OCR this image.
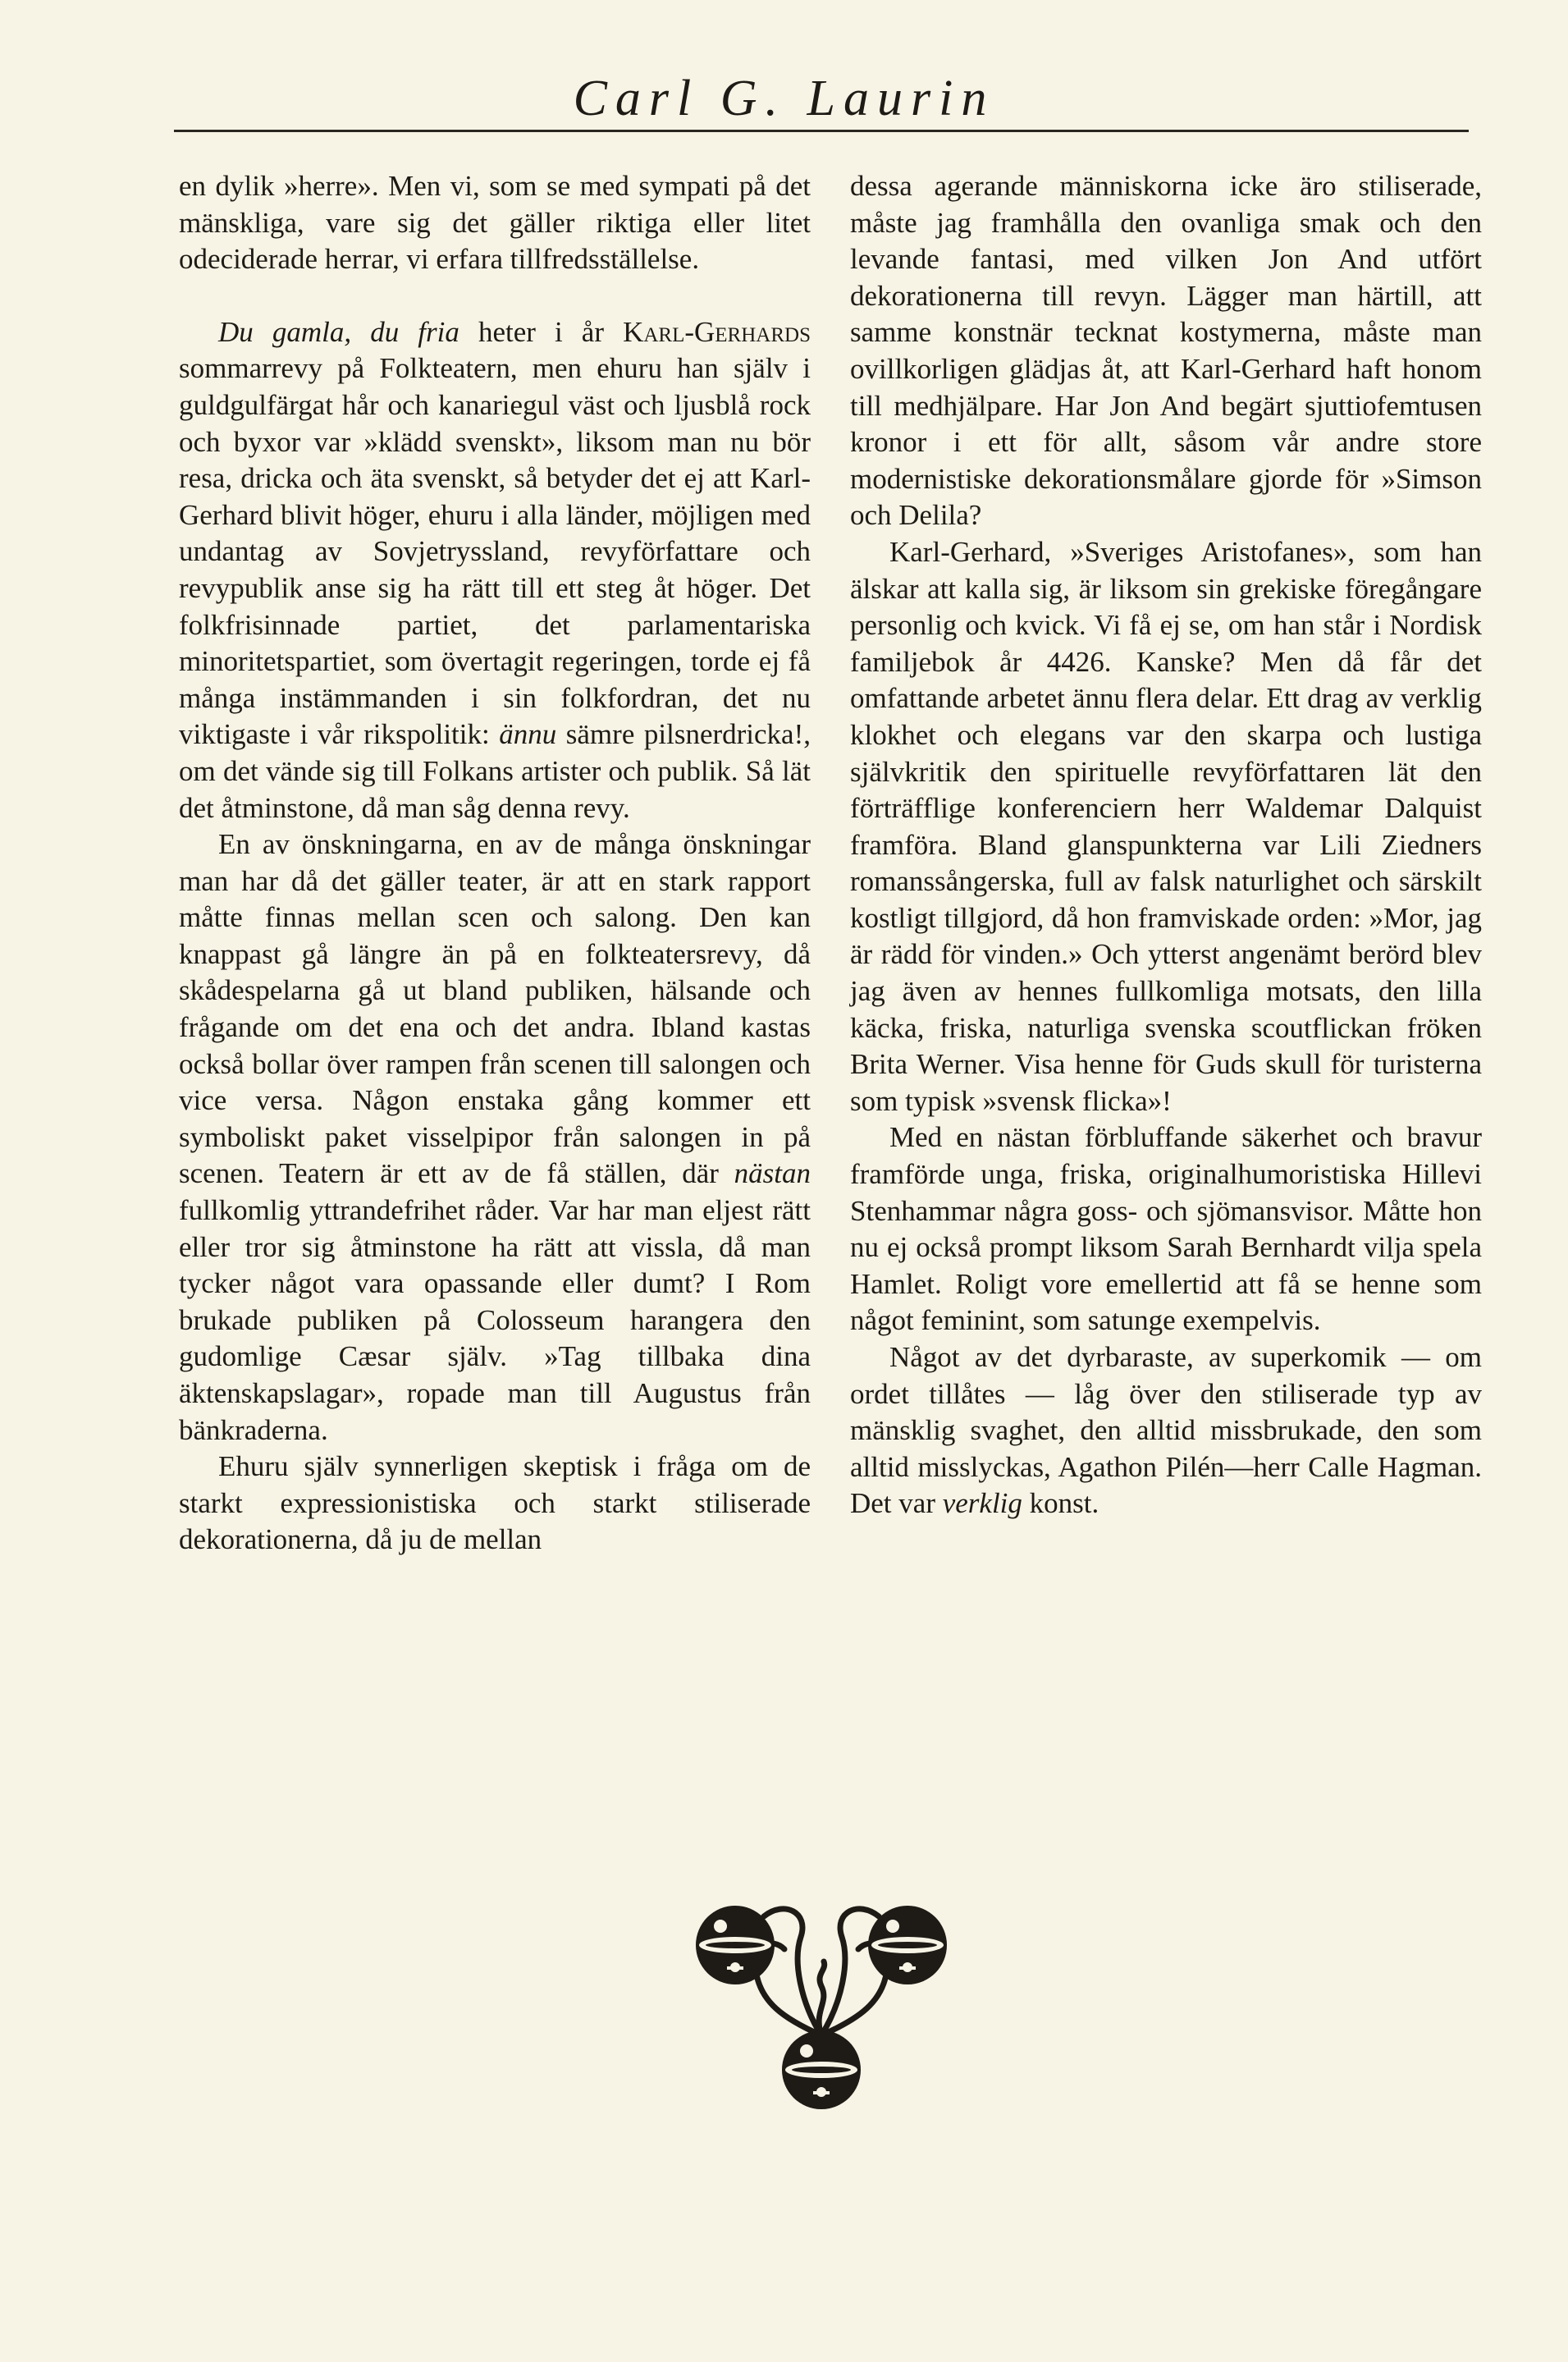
Carl G. Laurin

en dylik »herre». Men vi, som se med sympati på det mänskliga, vare sig det gäller riktiga eller litet odeciderade herrar, vi erfara tillfredsställelse.

Du gamla, du fria heter i år Karl-Gerhards sommarrevy på Folkteatern, men ehuru han själv i guldgulfärgat hår och kanariegul väst och ljusblå rock och byxor var »klädd svenskt», liksom man nu bör resa, dricka och äta svenskt, så betyder det ej att Karl-Gerhard blivit höger, ehuru i alla länder, möjligen med undantag av Sovjetryssland, revyförfattare och revypublik anse sig ha rätt till ett steg åt höger. Det folkfrisinnade partiet, det parlamentariska minoritetspartiet, som övertagit regeringen, torde ej få många instämmanden i sin folkfordran, det nu viktigaste i vår rikspolitik: ännu sämre pilsnerdricka!, om det vände sig till Folkans artister och publik. Så lät det åtminstone, då man såg denna revy.

En av önskningarna, en av de många önskningar man har då det gäller teater, är att en stark rapport måtte finnas mellan scen och salong. Den kan knappast gå längre än på en folkteatersrevy, då skådespelarna gå ut bland publiken, hälsande och frågande om det ena och det andra. Ibland kastas också bollar över rampen från scenen till salongen och vice versa. Någon enstaka gång kommer ett symboliskt paket visselpipor från salongen in på scenen. Teatern är ett av de få ställen, där nästan fullkomlig yttrandefrihet råder. Var har man eljest rätt eller tror sig åtminstone ha rätt att vissla, då man tycker något vara opassande eller dumt? I Rom brukade publiken på Colosseum harangera den gudomlige Cæsar själv. »Tag tillbaka dina äktenskapslagar», ropade man till Augustus från bänkraderna.

Ehuru själv synnerligen skeptisk i fråga om de starkt expressionistiska och starkt stiliserade dekorationerna, då ju de mellan

dessa agerande människorna icke äro stiliserade, måste jag framhålla den ovanliga smak och den levande fantasi, med vilken Jon And utfört dekorationerna till revyn. Lägger man härtill, att samme konstnär tecknat kostymerna, måste man ovillkorligen glädjas åt, att Karl-Gerhard haft honom till medhjälpare. Har Jon And begärt sjuttiofemtusen kronor i ett för allt, såsom vår andre store modernistiske dekorationsmålare gjorde för »Simson och Delila?

Karl-Gerhard, »Sveriges Aristofanes», som han älskar att kalla sig, är liksom sin grekiske föregångare personlig och kvick. Vi få ej se, om han står i Nordisk familjebok år 4426. Kanske? Men då får det omfattande arbetet ännu flera delar. Ett drag av verklig klokhet och elegans var den skarpa och lustiga självkritik den spirituelle revyförfattaren lät den förträfflige konferenciern herr Waldemar Dalquist framföra. Bland glanspunkterna var Lili Ziedners romanssångerska, full av falsk naturlighet och särskilt kostligt tillgjord, då hon framviskade orden: »Mor, jag är rädd för vinden.» Och ytterst angenämt berörd blev jag även av hennes fullkomliga motsats, den lilla käcka, friska, naturliga svenska scoutflickan fröken Brita Werner. Visa henne för Guds skull för turisterna som typisk »svensk flicka»!

Med en nästan förbluffande säkerhet och bravur framförde unga, friska, originalhumoristiska Hillevi Stenhammar några goss- och sjömansvisor. Måtte hon nu ej också prompt liksom Sarah Bernhardt vilja spela Hamlet. Roligt vore emellertid att få se henne som något feminint, som satunge exempelvis.

Något av det dyrbaraste, av superkomik — om ordet tillåtes — låg över den stiliserade typ av mänsklig svaghet, den alltid missbrukade, den som alltid misslyckas, Agathon Pilén—herr Calle Hagman. Det var verklig konst.
